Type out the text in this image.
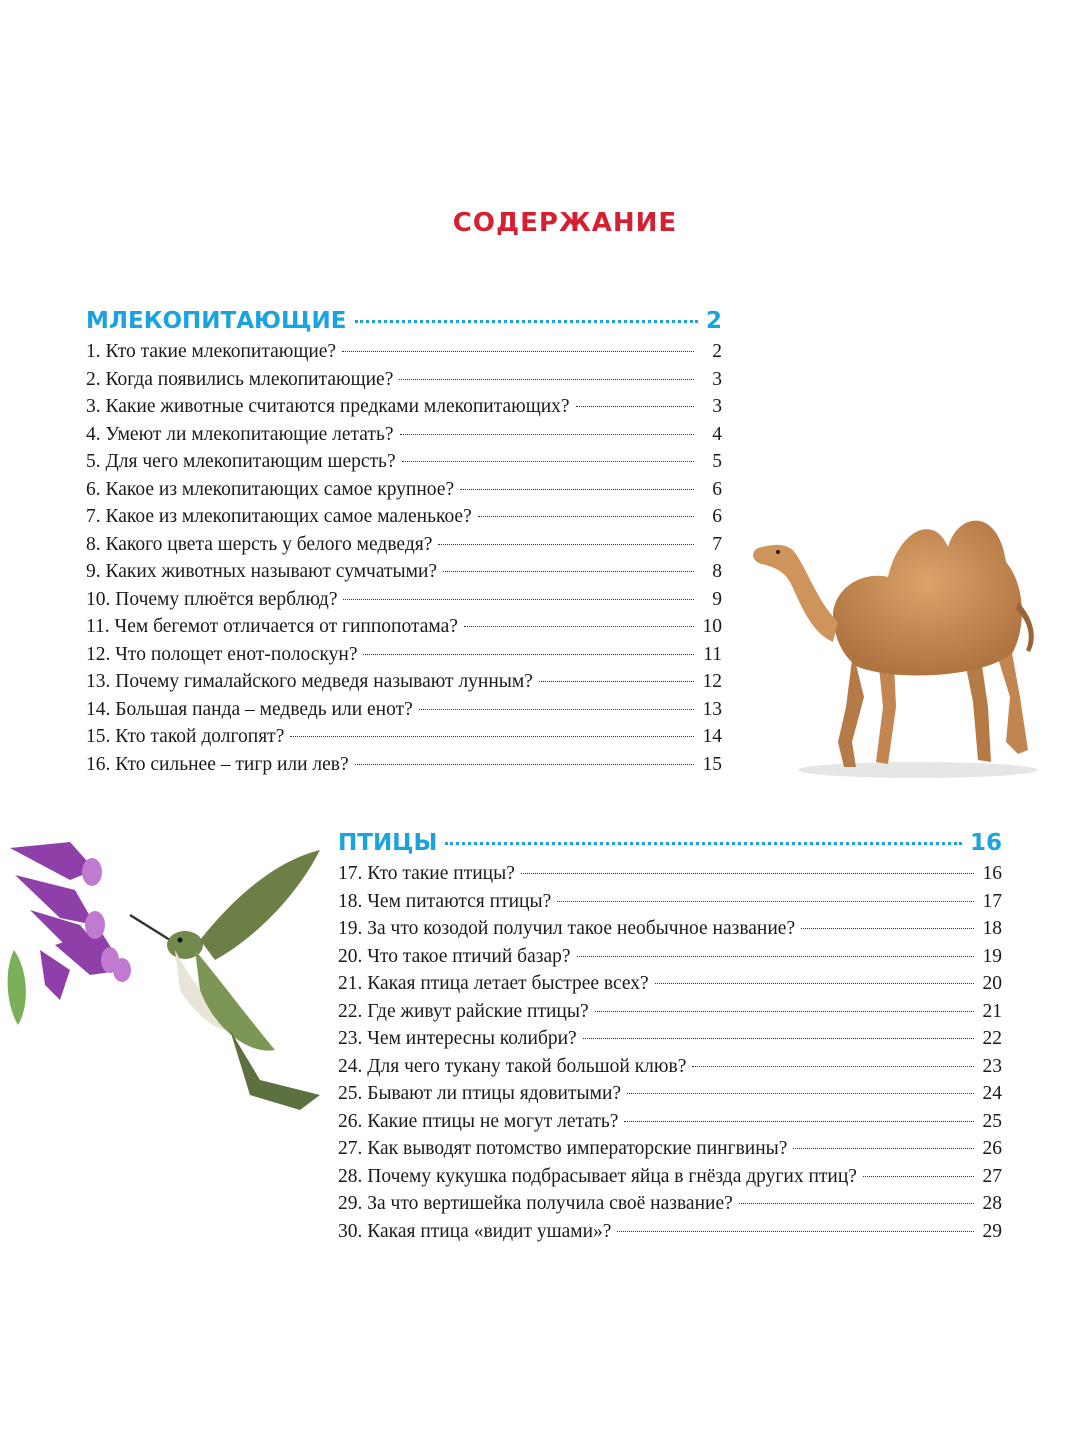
СОДЕРЖАНИЕ
МЛЕКОПИТАЮЩИЕ	2
1. Кто такие млекопитающие?	2
2. Когда появились млекопитающие?	3
3. Какие животные считаются предками млекопитающих?	3
4. Умеют ли млекопитающие летать?	4
5. Для чего млекопитающим шерсть?	5
6. Какое из млекопитающих самое крупное?	6
7. Какое из млекопитающих самое маленькое?	6
8. Какого цвета шерсть у белого медведя?	7
9. Каких животных называют сумчатыми?	8
10. Почему плюётся верблюд?	9
11. Чем бегемот отличается от гиппопотама?	10
12. Что полощет енот-полоскун?	11
13. Почему гималайского медведя называют лунным?	12
14. Большая панда – медведь или енот?	13
15. Кто такой долгопят?	14
16. Кто сильнее – тигр или лев?	15
ПТИЦЫ	16
17. Кто такие птицы?	16
18. Чем питаются птицы?	17
19. За что козодой получил такое необычное название?	18
20. Что такое птичий базар?	19
21. Какая птица летает быстрее всех?	20
22. Где живут райские птицы?	21
23. Чем интересны колибри?	22
24. Для чего тукану такой большой клюв?	23
25. Бывают ли птицы ядовитыми?	24
26. Какие птицы не могут летать?	25
27. Как выводят потомство императорские пингвины?	26
28. Почему кукушка подбрасывает яйца в гнёзда других птиц?	27
29. За что вертишейка получила своё название?	28
30. Какая птица «видит ушами»?	29
